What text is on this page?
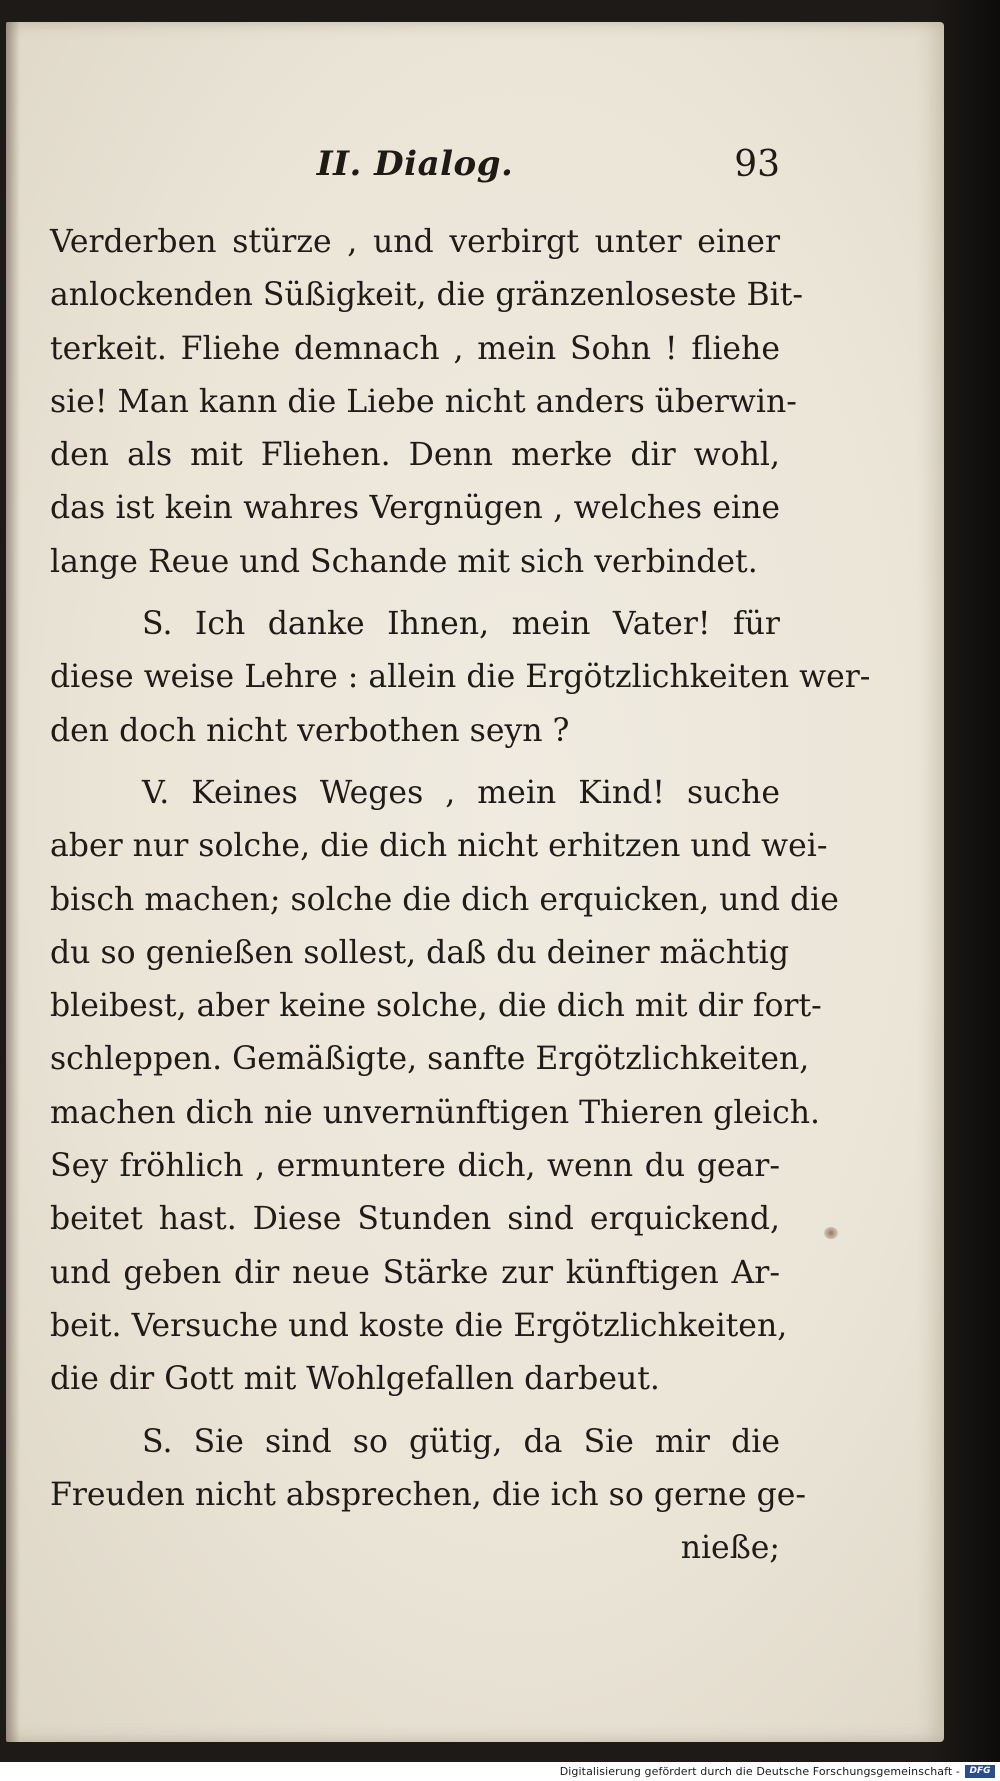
II. Dialog.	93
Verderben stürze , und verbirgt unter einer
anlockenden Süßigkeit, die gränzenloseste Bit-
terkeit. Fliehe demnach , mein Sohn ! fliehe
sie! Man kann die Liebe nicht anders überwin-
den als mit Fliehen. Denn merke dir wohl,
das ist kein wahres Vergnügen , welches eine
lange Reue und Schande mit sich verbindet.
S. Ich danke Ihnen, mein Vater! für
diese weise Lehre : allein die Ergötzlichkeiten wer-
den doch nicht verbothen seyn ?
V. Keines Weges , mein Kind! suche
aber nur solche, die dich nicht erhitzen und wei-
bisch machen; solche die dich erquicken, und die
du so genießen sollest, daß du deiner mächtig
bleibest, aber keine solche, die dich mit dir fort-
schleppen. Gemäßigte, sanfte Ergötzlichkeiten,
machen dich nie unvernünftigen Thieren gleich.
Sey fröhlich , ermuntere dich, wenn du gear-
beitet hast. Diese Stunden sind erquickend,
und geben dir neue Stärke zur künftigen Ar-
beit. Versuche und koste die Ergötzlichkeiten,
die dir Gott mit Wohlgefallen darbeut.
S. Sie sind so gütig, da Sie mir die
Freuden nicht absprechen, die ich so gerne ge-
nieße;
Digitalisierung gefördert durch die Deutsche Forschungsgemeinschaft -	DFG
